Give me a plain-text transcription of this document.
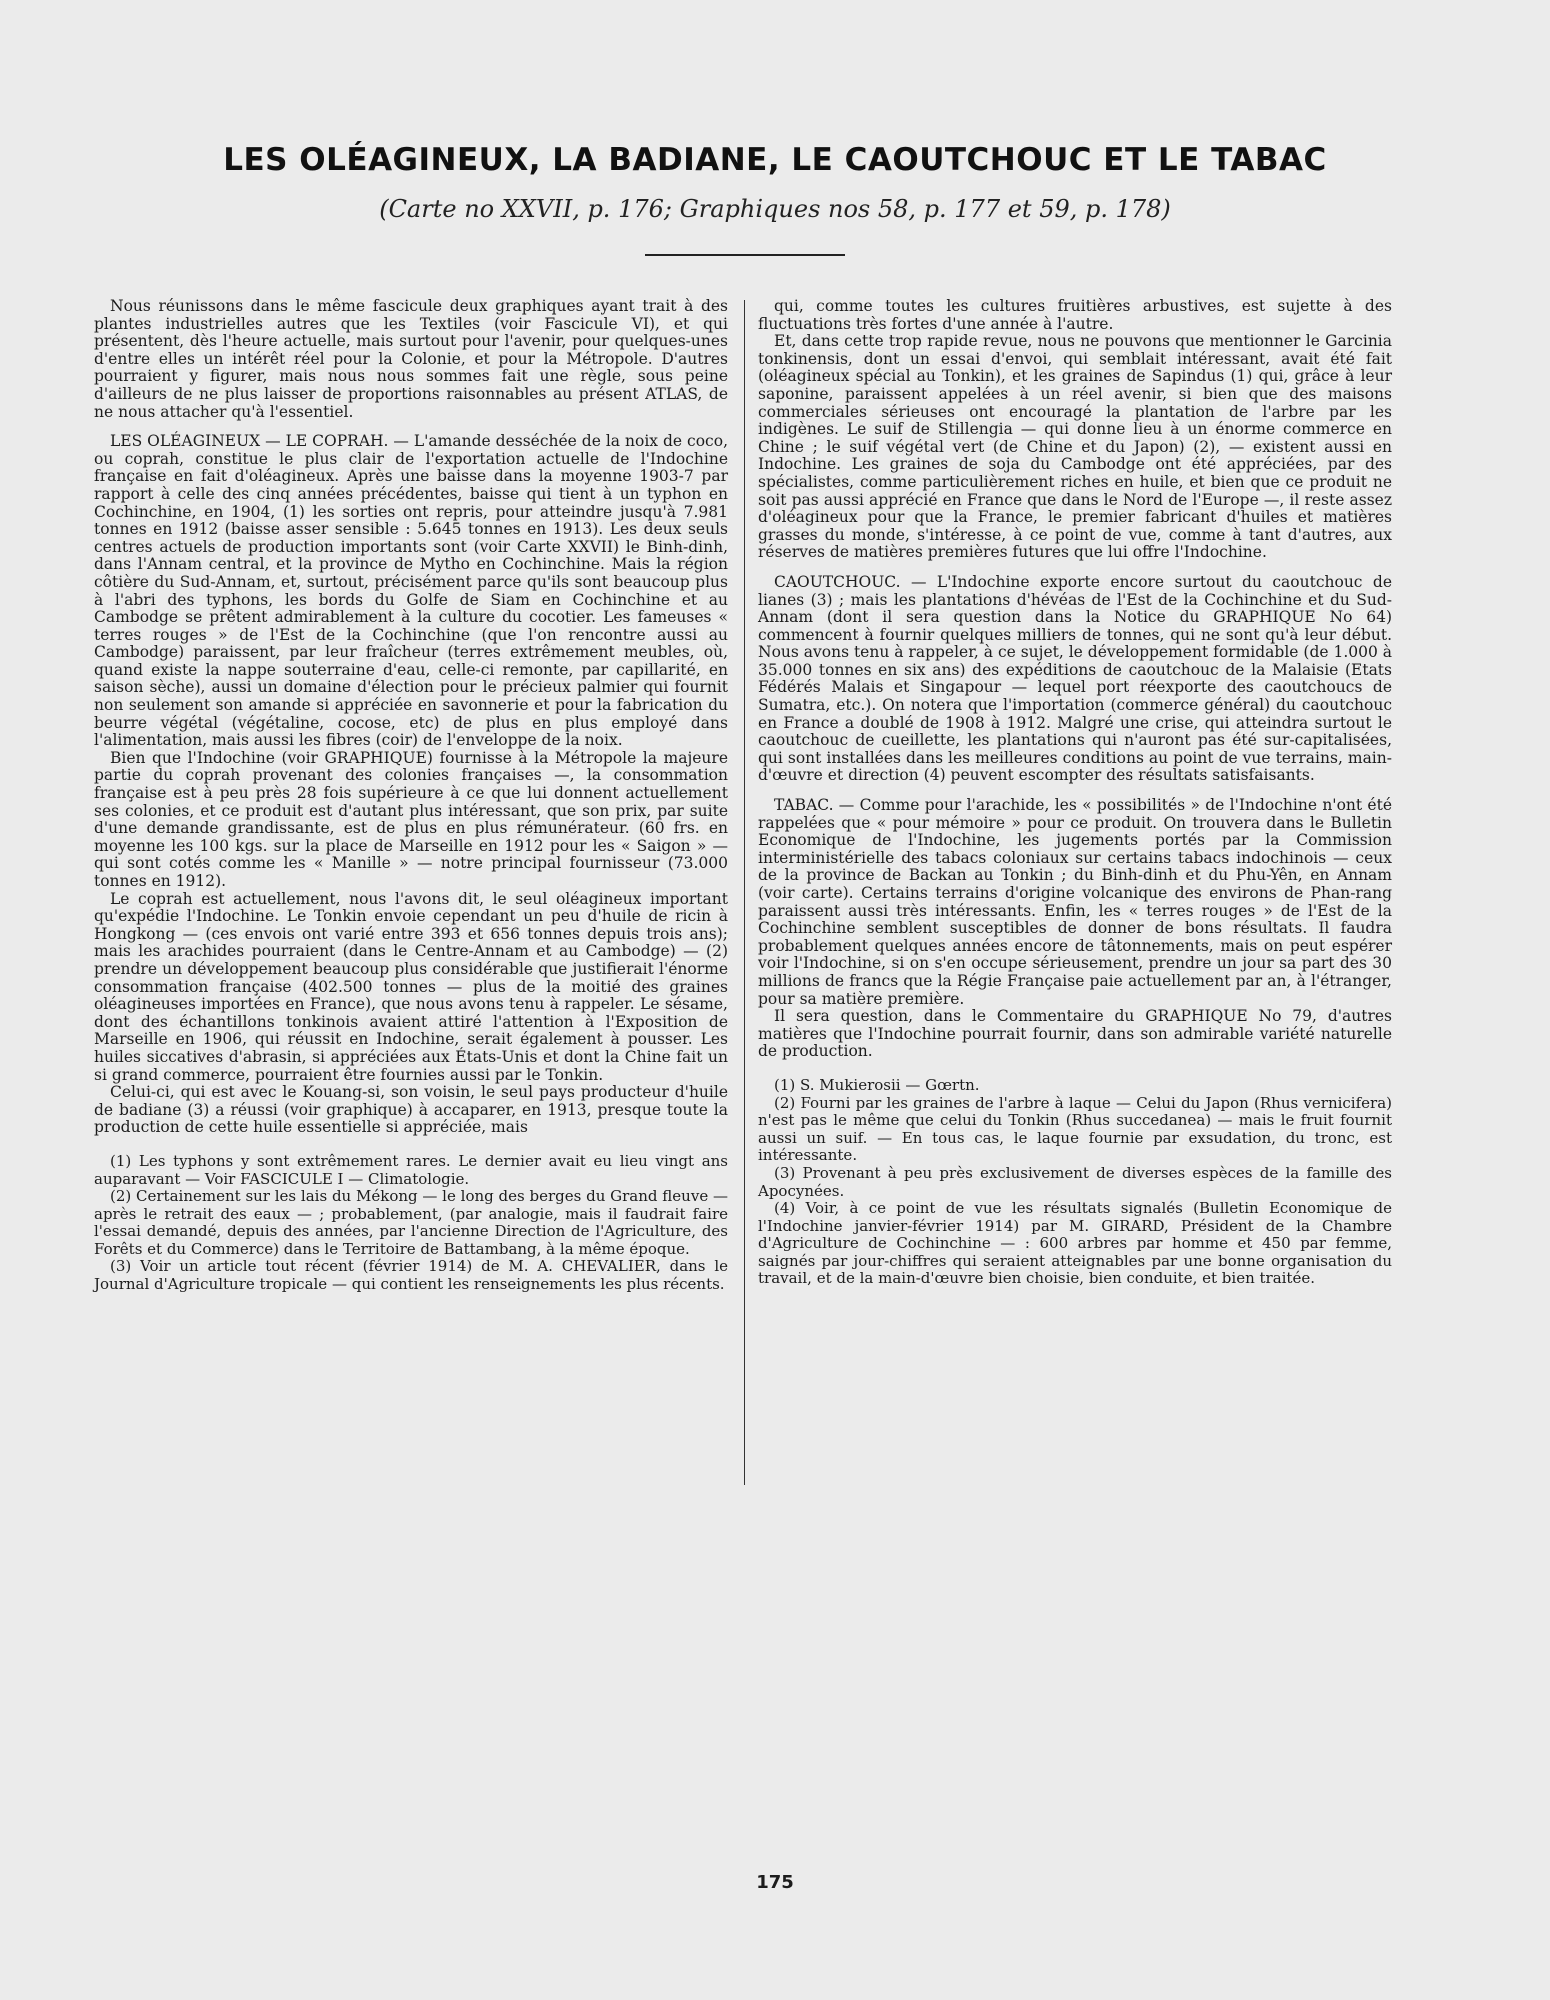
LES OLÉAGINEUX, LA BADIANE, LE CAOUTCHOUC ET LE TABAC
(Carte no XXVII, p. 176; Graphiques nos 58, p. 177 et 59, p. 178)

Nous réunissons dans le même fascicule deux graphiques ayant trait à des plantes industrielles autres que les Textiles (voir Fascicule VI), et qui présentent, dès l'heure actuelle, mais surtout pour l'avenir, pour quelques-unes d'entre elles un intérêt réel pour la Colonie, et pour la Métropole. D'autres pourraient y figurer, mais nous nous sommes fait une règle, sous peine d'ailleurs de ne plus laisser de proportions raisonnables au présent ATLAS, de ne nous attacher qu'à l'essentiel.

LES OLÉAGINEUX — LE COPRAH. — L'amande desséchée de la noix de coco, ou coprah, constitue le plus clair de l'exportation actuelle de l'Indochine française en fait d'oléagineux. Après une baisse dans la moyenne 1903-7 par rapport à celle des cinq années précédentes, baisse qui tient à un typhon en Cochinchine, en 1904, (1) les sorties ont repris, pour atteindre jusqu'à 7.981 tonnes en 1912 (baisse asser sensible : 5.645 tonnes en 1913). Les deux seuls centres actuels de production importants sont (voir Carte XXVII) le Binh-dinh, dans l'Annam central, et la province de Mytho en Cochinchine. Mais la région côtière du Sud-Annam, et, surtout, précisément parce qu'ils sont beaucoup plus à l'abri des typhons, les bords du Golfe de Siam en Cochinchine et au Cambodge se prêtent admirablement à la culture du cocotier. Les fameuses « terres rouges » de l'Est de la Cochinchine (que l'on rencontre aussi au Cambodge) paraissent, par leur fraîcheur (terres extrêmement meubles, où, quand existe la nappe souterraine d'eau, celle-ci remonte, par capillarité, en saison sèche), aussi un domaine d'élection pour le précieux palmier qui fournit non seulement son amande si appréciée en savonnerie et pour la fabrication du beurre végétal (végétaline, cocose, etc) de plus en plus employé dans l'alimentation, mais aussi les fibres (coir) de l'enveloppe de la noix.

Bien que l'Indochine (voir GRAPHIQUE) fournisse à la Métropole la majeure partie du coprah provenant des colonies françaises —, la consommation française est à peu près 28 fois supérieure à ce que lui donnent actuellement ses colonies, et ce produit est d'autant plus intéressant, que son prix, par suite d'une demande grandissante, est de plus en plus rémunérateur. (60 frs. en moyenne les 100 kgs. sur la place de Marseille en 1912 pour les « Saigon » — qui sont cotés comme les « Manille » — notre principal fournisseur (73.000 tonnes en 1912).

Le coprah est actuellement, nous l'avons dit, le seul oléagineux important qu'expédie l'Indochine. Le Tonkin envoie cependant un peu d'huile de ricin à Hongkong — (ces envois ont varié entre 393 et 656 tonnes depuis trois ans); mais les arachides pourraient (dans le Centre-Annam et au Cambodge) — (2) prendre un développement beaucoup plus considérable que justifierait l'énorme consommation française (402.500 tonnes — plus de la moitié des graines oléagineuses importées en France), que nous avons tenu à rappeler. Le sésame, dont des échantillons tonkinois avaient attiré l'attention à l'Exposition de Marseille en 1906, qui réussit en Indochine, serait également à pousser. Les huiles siccatives d'abrasin, si appréciées aux États-Unis et dont la Chine fait un si grand commerce, pourraient être fournies aussi par le Tonkin.

Celui-ci, qui est avec le Kouang-si, son voisin, le seul pays producteur d'huile de badiane (3) a réussi (voir graphique) à accaparer, en 1913, presque toute la production de cette huile essentielle si appréciée, mais

(1) Les typhons y sont extrêmement rares. Le dernier avait eu lieu vingt ans auparavant — Voir FASCICULE I — Climatologie.

(2) Certainement sur les lais du Mékong — le long des berges du Grand fleuve — après le retrait des eaux — ; probablement, (par analogie, mais il faudrait faire l'essai demandé, depuis des années, par l'ancienne Direction de l'Agriculture, des Forêts et du Commerce) dans le Territoire de Battambang, à la même époque.

(3) Voir un article tout récent (février 1914) de M. A. CHEVALIER, dans le Journal d'Agriculture tropicale — qui contient les renseignements les plus récents.

qui, comme toutes les cultures fruitières arbustives, est sujette à des fluctuations très fortes d'une année à l'autre.

Et, dans cette trop rapide revue, nous ne pouvons que mentionner le Garcinia tonkinensis, dont un essai d'envoi, qui semblait intéressant, avait été fait (oléagineux spécial au Tonkin), et les graines de Sapindus (1) qui, grâce à leur saponine, paraissent appelées à un réel avenir, si bien que des maisons commerciales sérieuses ont encouragé la plantation de l'arbre par les indigènes. Le suif de Stillengia — qui donne lieu à un énorme commerce en Chine ; le suif végétal vert (de Chine et du Japon) (2), — existent aussi en Indochine. Les graines de soja du Cambodge ont été appréciées, par des spécialistes, comme particulièrement riches en huile, et bien que ce produit ne soit pas aussi apprécié en France que dans le Nord de l'Europe —, il reste assez d'oléagineux pour que la France, le premier fabricant d'huiles et matières grasses du monde, s'intéresse, à ce point de vue, comme à tant d'autres, aux réserves de matières premières futures que lui offre l'Indochine.

CAOUTCHOUC. — L'Indochine exporte encore surtout du caoutchouc de lianes (3) ; mais les plantations d'hévéas de l'Est de la Cochinchine et du Sud-Annam (dont il sera question dans la Notice du GRAPHIQUE No 64) commencent à fournir quelques milliers de tonnes, qui ne sont qu'à leur début. Nous avons tenu à rappeler, à ce sujet, le développement formidable (de 1.000 à 35.000 tonnes en six ans) des expéditions de caoutchouc de la Malaisie (Etats Fédérés Malais et Singapour — lequel port réexporte des caoutchoucs de Sumatra, etc.). On notera que l'importation (commerce général) du caoutchouc en France a doublé de 1908 à 1912. Malgré une crise, qui atteindra surtout le caoutchouc de cueillette, les plantations qui n'auront pas été sur-capitalisées, qui sont installées dans les meilleures conditions au point de vue terrains, main-d'œuvre et direction (4) peuvent escompter des résultats satisfaisants.

TABAC. — Comme pour l'arachide, les « possibilités » de l'Indochine n'ont été rappelées que « pour mémoire » pour ce produit. On trouvera dans le Bulletin Economique de l'Indochine, les jugements portés par la Commission interministérielle des tabacs coloniaux sur certains tabacs indochinois — ceux de la province de Backan au Tonkin ; du Binh-dinh et du Phu-Yên, en Annam (voir carte). Certains terrains d'origine volcanique des environs de Phan-rang paraissent aussi très intéressants. Enfin, les « terres rouges » de l'Est de la Cochinchine semblent susceptibles de donner de bons résultats. Il faudra probablement quelques années encore de tâtonnements, mais on peut espérer voir l'Indochine, si on s'en occupe sérieusement, prendre un jour sa part des 30 millions de francs que la Régie Française paie actuellement par an, à l'étranger, pour sa matière première.

Il sera question, dans le Commentaire du GRAPHIQUE No 79, d'autres matières que l'Indochine pourrait fournir, dans son admirable variété naturelle de production.

(1) S. Mukierosii — Gœrtn.

(2) Fourni par les graines de l'arbre à laque — Celui du Japon (Rhus verniciferа) n'est pas le même que celui du Tonkin (Rhus succedanea) — mais le fruit fournit aussi un suif. — En tous cas, le laque fournie par exsudation, du tronc, est intéressante.

(3) Provenant à peu près exclusivement de diverses espèces de la famille des Apocynées.

(4) Voir, à ce point de vue les résultats signalés (Bulletin Economique de l'Indochine janvier-février 1914) par M. GIRARD, Président de la Chambre d'Agriculture de Cochinchine — : 600 arbres par homme et 450 par femme, saignés par jour-chiffres qui seraient atteignables par une bonne organisation du travail, et de la main-d'œuvre bien choisie, bien conduite, et bien traitée.

175
